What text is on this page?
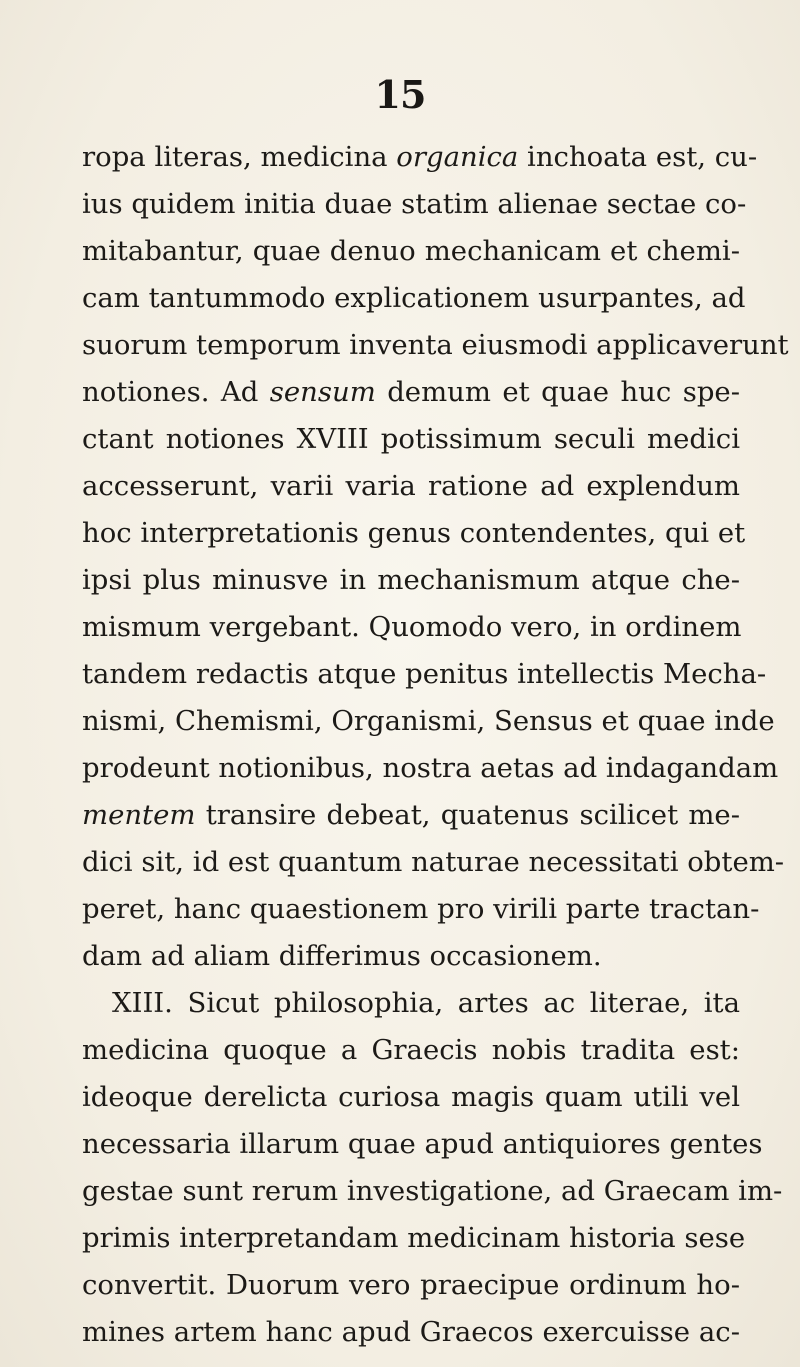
15
ropa literas, medicina organica inchoata est, cu-
ius quidem initia duae statim alienae sectae co-
mitabantur, quae denuo mechanicam et chemi-
cam tantummodo explicationem usurpantes, ad
suorum temporum inventa eiusmodi applicaverunt
notiones. Ad sensum demum et quae huc spe-
ctant notiones XVIII potissimum seculi medici
accesserunt, varii varia ratione ad explendum
hoc interpretationis genus contendentes, qui et
ipsi plus minusve in mechanismum atque che-
mismum vergebant. Quomodo vero, in ordinem
tandem redactis atque penitus intellectis Mecha-
nismi, Chemismi, Organismi, Sensus et quae inde
prodeunt notionibus, nostra aetas ad indagandam
mentem transire debeat, quatenus scilicet me-
dici sit, id est quantum naturae necessitati obtem-
peret, hanc quaestionem pro virili parte tractan-
dam ad aliam differimus occasionem.
XIII. Sicut philosophia, artes ac literae, ita
medicina quoque a Graecis nobis tradita est:
ideoque derelicta curiosa magis quam utili vel
necessaria illarum quae apud antiquiores gentes
gestae sunt rerum investigatione, ad Graecam im-
primis interpretandam medicinam historia sese
convertit. Duorum vero praecipue ordinum ho-
mines artem hanc apud Graecos exercuisse ac-
